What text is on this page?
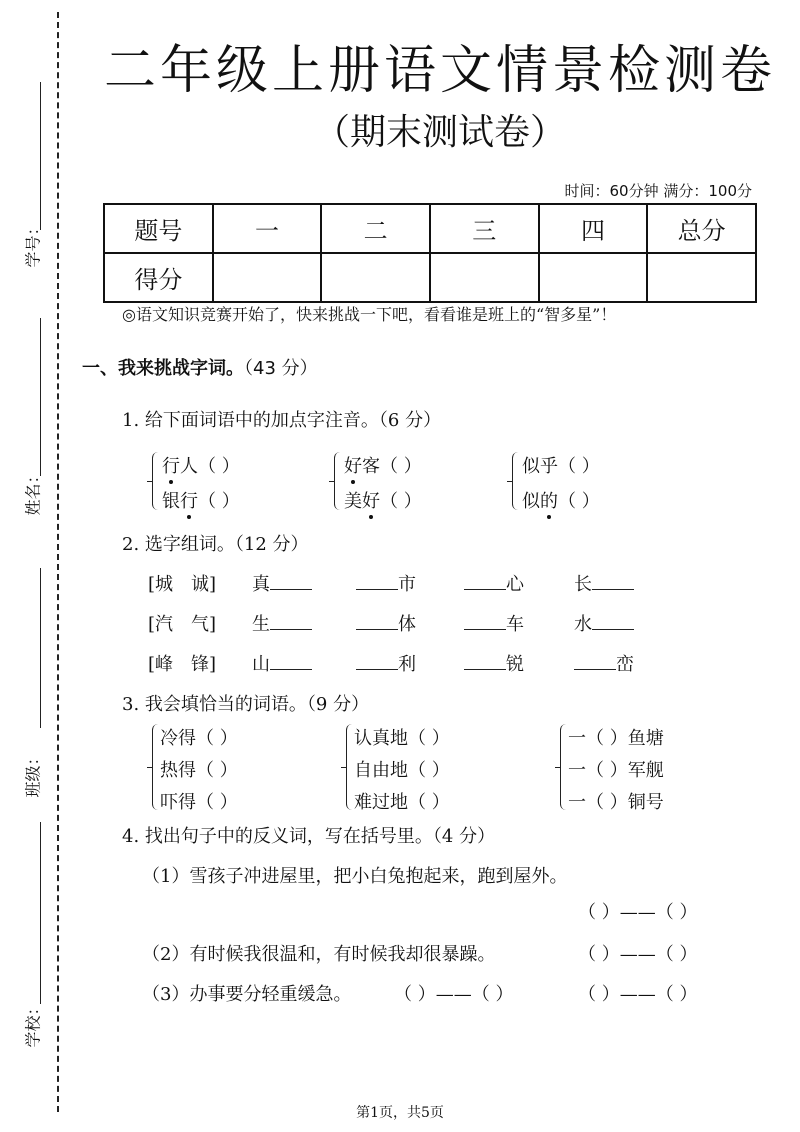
学号：
姓名：
班级：
学校：
二年级上册语文情景检测卷
（期末测试卷）
时间：60分钟 满分：100分
题号	一	二	三	四	总分
得分					
◎语文知识竞赛开始了，快来挑战一下吧，看看谁是班上的“智多星”！
一、我来挑战字词。（43 分）
1. 给下面词语中的加点字注音。（6 分）
行人（ ）
银行（ ）
好客（ ）
美好（ ）
似乎（ ）
似的（ ）
2. 选字组词。（12 分）
[城　诚] 真	市	心	长
[汽　气] 生	体	车	水
[峰　锋] 山	利	锐	峦
3. 我会填恰当的词语。（9 分）
冷得（ ）
热得（ ）
吓得（ ）
认真地（ ）
自由地（ ）
难过地（ ）
一（ ）鱼塘
一（ ）军舰
一（ ）铜号
4. 找出句子中的反义词，写在括号里。（4 分）
（1）雪孩子冲进屋里，把小白兔抱起来，跑到屋外。
（ ）——（ ）
（2）有时候我很温和，有时候我却很暴躁。	（ ）——（ ）
（3）办事要分轻重缓急。 （ ）——（ ）	（ ）——（ ）
第1页，共5页
